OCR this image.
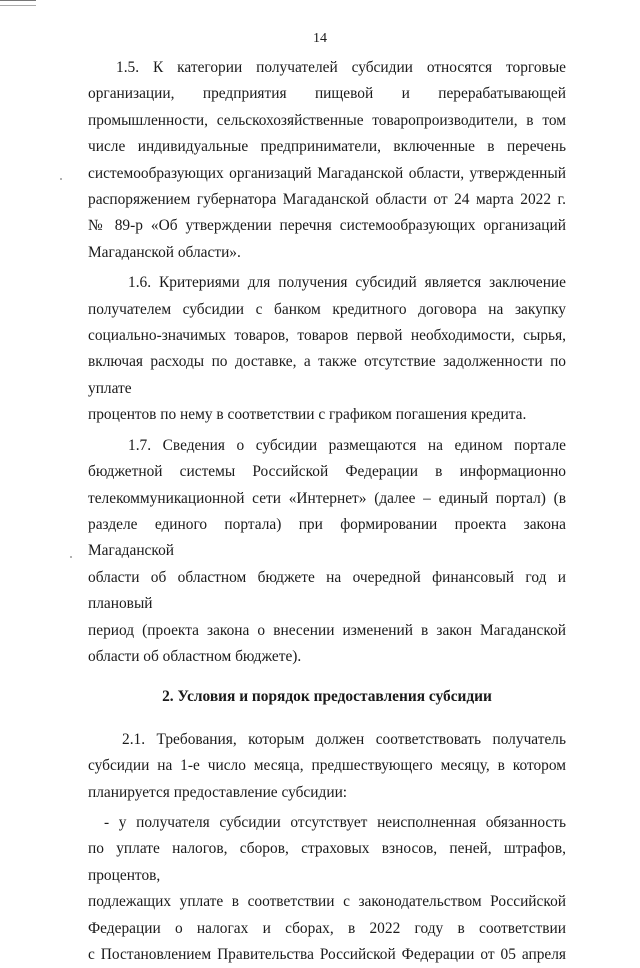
14

1.5. К категории получателей субсидии относятся торговые

организации, предприятия пищевой и перерабатывающей

промышленности, сельскохозяйственные товаропроизводители, в том

числе индивидуальные предприниматели, включенные в перечень

системообразующих организаций Магаданской области, утвержденный

распоряжением губернатора Магаданской области от 24 марта 2022 г.

№ 89-р «Об утверждении перечня системообразующих организаций

Магаданской области».

1.6. Критериями для получения субсидий является заключение

получателем субсидии с банком кредитного договора на закупку

социально-значимых товаров, товаров первой необходимости, сырья,

включая расходы по доставке, а также отсутствие задолженности по уплате

процентов по нему в соответствии с графиком погашения кредита.

1.7. Сведения о субсидии размещаются на едином портале

бюджетной системы Российской Федерации в информационно

телекоммуникационной сети «Интернет» (далее – единый портал) (в

разделе единого портала) при формировании проекта закона Магаданской

области об областном бюджете на очередной финансовый год и плановый

период (проекта закона о внесении изменений в закон Магаданской

области об областном бюджете).

2. Условия и порядок предоставления субсидии

2.1. Требования, которым должен соответствовать получатель

субсидии на 1-е число месяца, предшествующего месяцу, в котором

планируется предоставление субсидии:

- у получателя субсидии отсутствует неисполненная обязанность

по уплате налогов, сборов, страховых взносов, пеней, штрафов, процентов,

подлежащих уплате в соответствии с законодательством Российской

Федерации о налогах и сборах, в 2022 году в соответствии

с Постановлением Правительства Российской Федерации от 05 апреля
